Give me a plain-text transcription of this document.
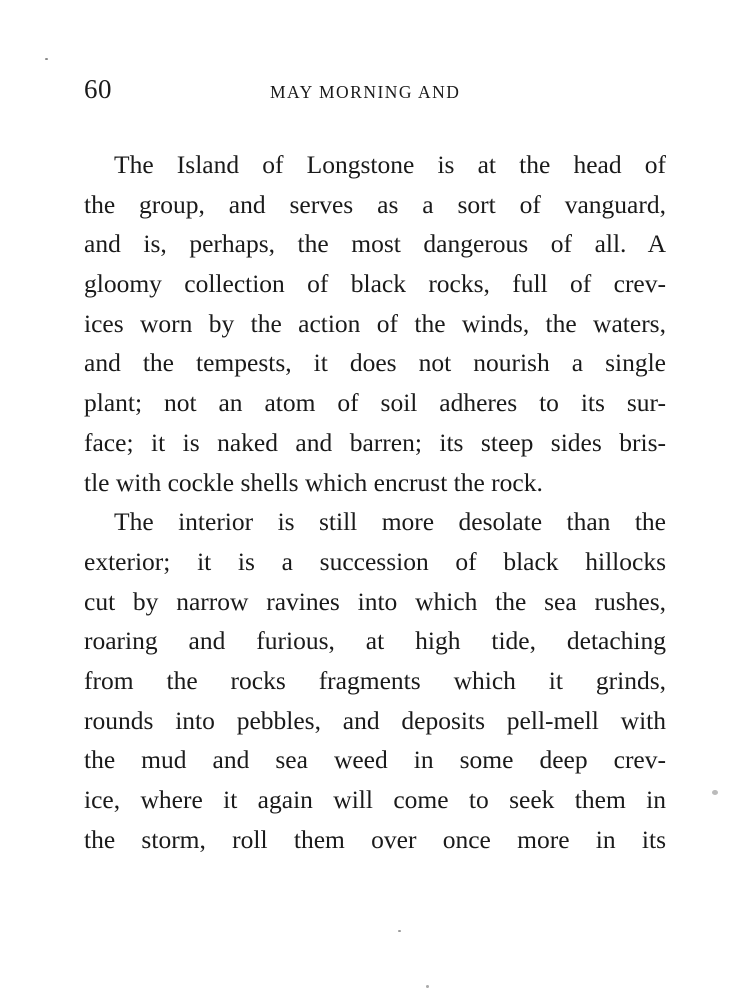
60	MAY MORNING AND
The Island of Longstone is at the head of
the group, and serves as a sort of vanguard,
and is, perhaps, the most dangerous of all. A
gloomy collection of black rocks, full of crev-
ices worn by the action of the winds, the waters,
and the tempests, it does not nourish a single
plant; not an atom of soil adheres to its sur-
face; it is naked and barren; its steep sides bris-
tle with cockle shells which encrust the rock.
The interior is still more desolate than the
exterior; it is a succession of black hillocks
cut by narrow ravines into which the sea rushes,
roaring and furious, at high tide, detaching
from the rocks fragments which it grinds,
rounds into pebbles, and deposits pell-mell with
the mud and sea weed in some deep crev-
ice, where it again will come to seek them in
the storm, roll them over once more in its
